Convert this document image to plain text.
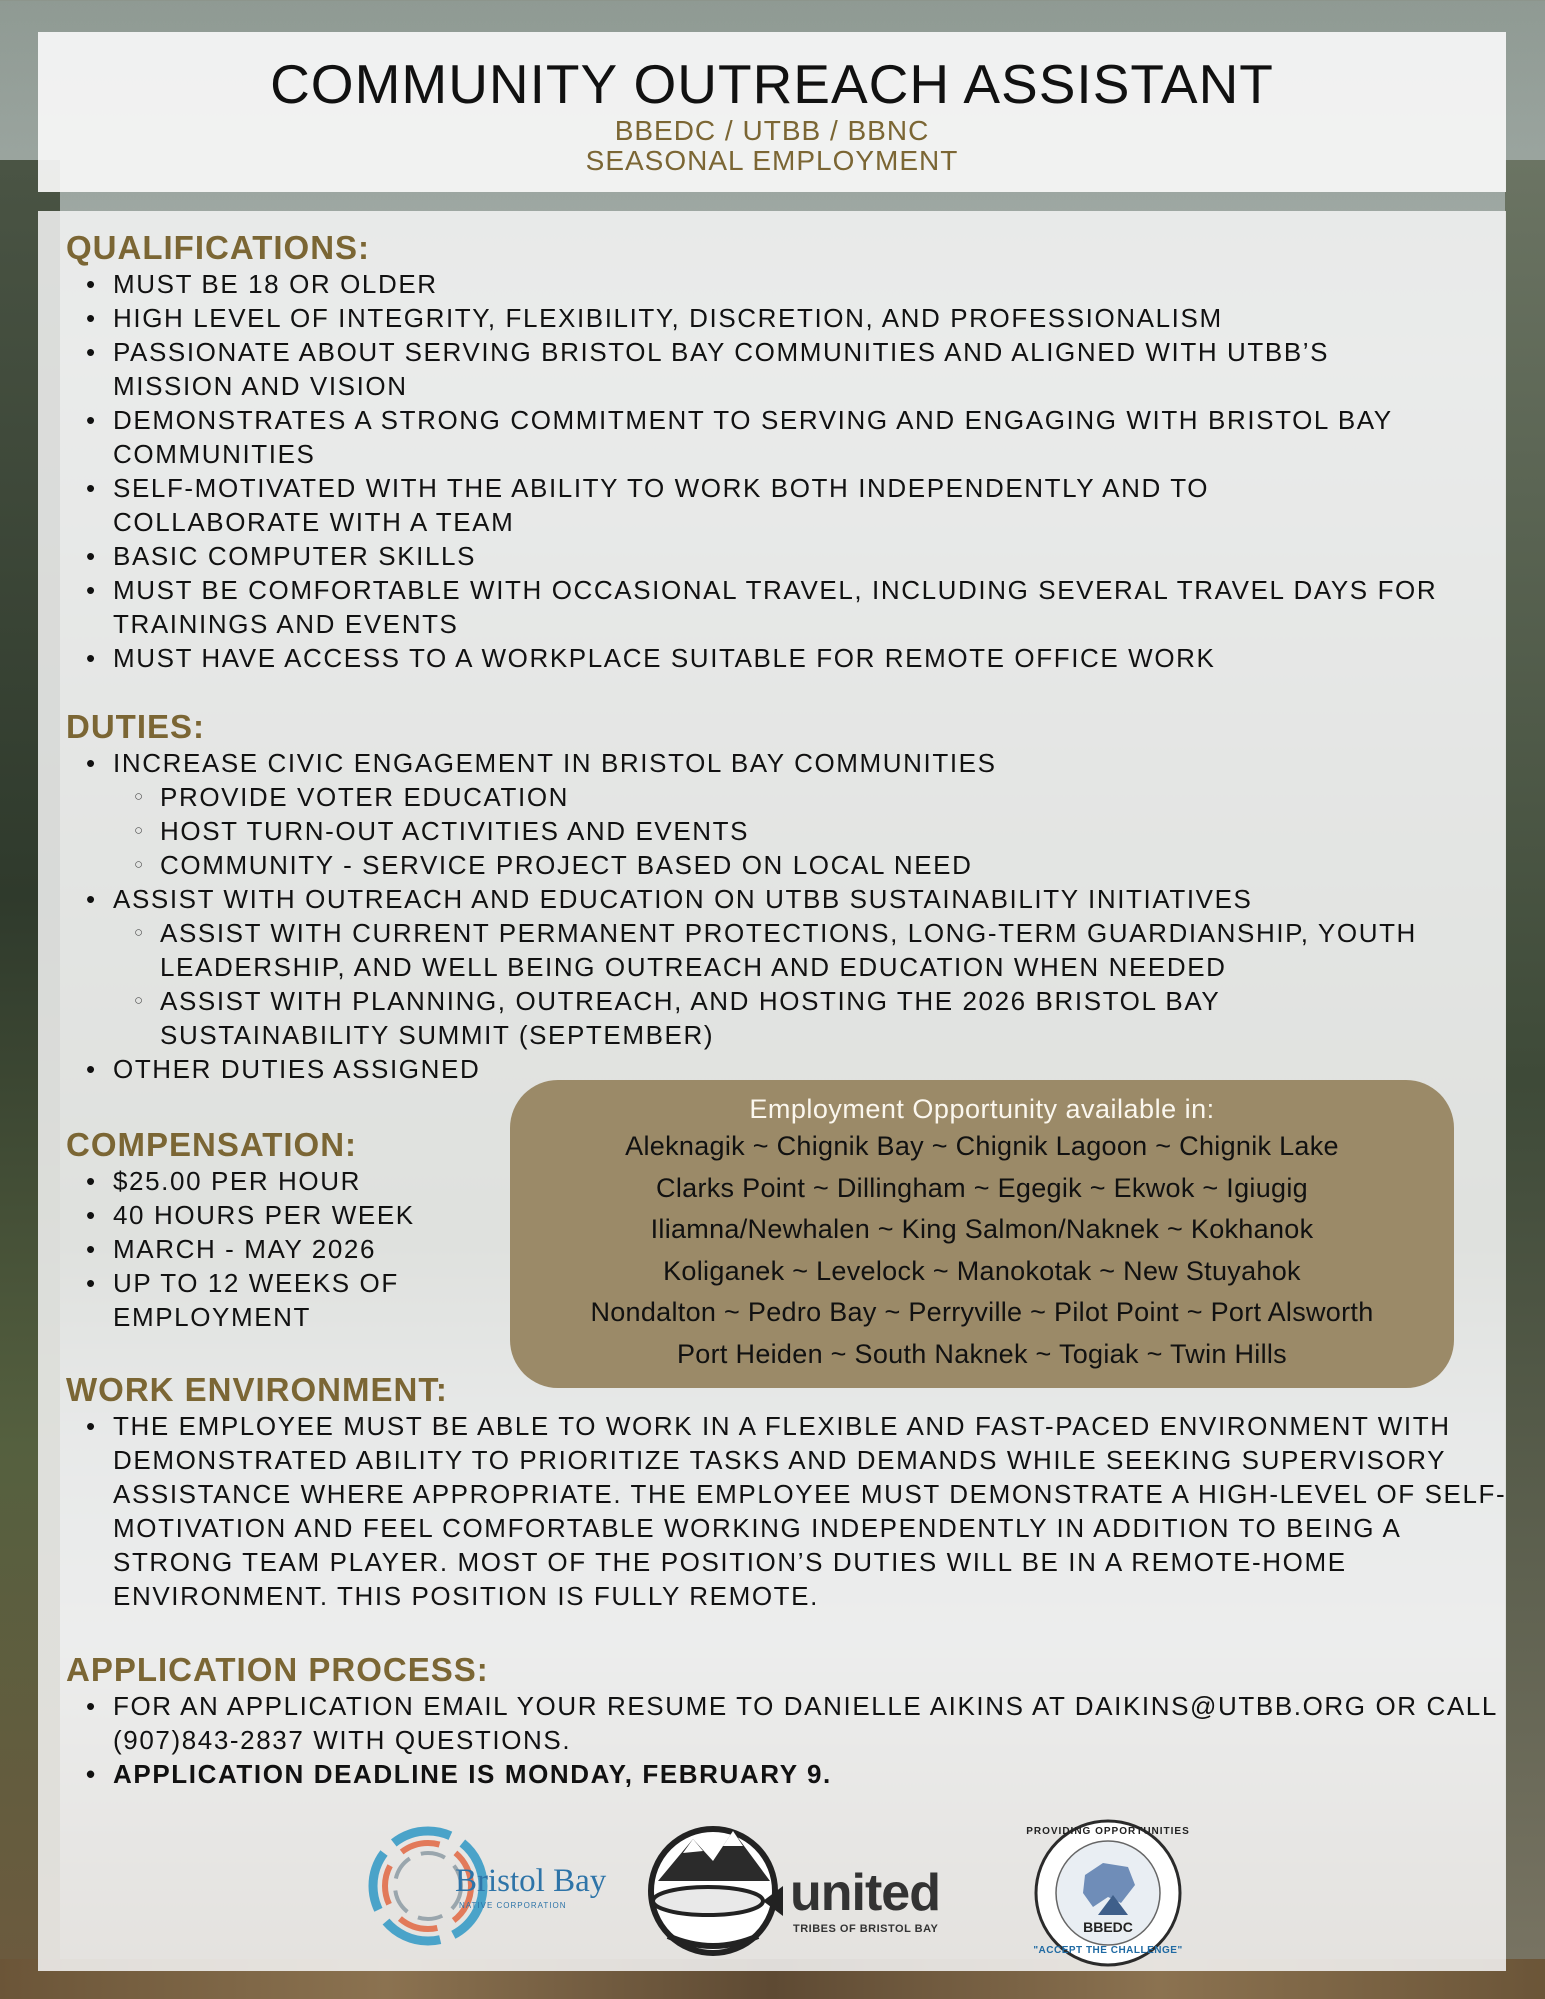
COMMUNITY OUTREACH ASSISTANT
BBEDC / UTBB / BBNC
SEASONAL EMPLOYMENT
QUALIFICATIONS:
• MUST BE 18 OR OLDER
• HIGH LEVEL OF INTEGRITY, FLEXIBILITY, DISCRETION, AND PROFESSIONALISM
• PASSIONATE ABOUT SERVING BRISTOL BAY COMMUNITIES AND ALIGNED WITH UTBB’S MISSION AND VISION
• DEMONSTRATES A STRONG COMMITMENT TO SERVING AND ENGAGING WITH BRISTOL BAY COMMUNITIES
• SELF-MOTIVATED WITH THE ABILITY TO WORK BOTH INDEPENDENTLY AND TO COLLABORATE WITH A TEAM
• BASIC COMPUTER SKILLS
• MUST BE COMFORTABLE WITH OCCASIONAL TRAVEL, INCLUDING SEVERAL TRAVEL DAYS FOR TRAININGS AND EVENTS
• MUST HAVE ACCESS TO A WORKPLACE SUITABLE FOR REMOTE OFFICE WORK
DUTIES:
• INCREASE CIVIC ENGAGEMENT IN BRISTOL BAY COMMUNITIES
○ PROVIDE VOTER EDUCATION
○ HOST TURN-OUT ACTIVITIES AND EVENTS
○ COMMUNITY - SERVICE PROJECT BASED ON LOCAL NEED
• ASSIST WITH OUTREACH AND EDUCATION ON UTBB SUSTAINABILITY INITIATIVES
○ ASSIST WITH CURRENT PERMANENT PROTECTIONS, LONG-TERM GUARDIANSHIP, YOUTH LEADERSHIP, AND WELL BEING OUTREACH AND EDUCATION WHEN NEEDED
○ ASSIST WITH PLANNING, OUTREACH, AND HOSTING THE 2026 BRISTOL BAY SUSTAINABILITY SUMMIT (SEPTEMBER)
• OTHER DUTIES ASSIGNED
COMPENSATION:
• $25.00 PER HOUR
• 40 HOURS PER WEEK
• MARCH - MAY 2026
• UP TO 12 WEEKS OF EMPLOYMENT
Employment Opportunity available in:
Aleknagik ~ Chignik Bay ~ Chignik Lagoon ~ Chignik Lake
Clarks Point ~ Dillingham ~ Egegik ~ Ekwok ~ Igiugig
Iliamna/Newhalen ~ King Salmon/Naknek ~ Kokhanok
Koliganek ~ Levelock ~ Manokotak ~ New Stuyahok
Nondalton ~ Pedro Bay ~ Perryville ~ Pilot Point ~ Port Alsworth
Port Heiden ~ South Naknek ~ Togiak ~ Twin Hills
WORK ENVIRONMENT:
• THE EMPLOYEE MUST BE ABLE TO WORK IN A FLEXIBLE AND FAST-PACED ENVIRONMENT WITH DEMONSTRATED ABILITY TO PRIORITIZE TASKS AND DEMANDS WHILE SEEKING SUPERVISORY ASSISTANCE WHERE APPROPRIATE. THE EMPLOYEE MUST DEMONSTRATE A HIGH-LEVEL OF SELF-MOTIVATION AND FEEL COMFORTABLE WORKING INDEPENDENTLY IN ADDITION TO BEING A STRONG TEAM PLAYER. MOST OF THE POSITION’S DUTIES WILL BE IN A REMOTE-HOME ENVIRONMENT. THIS POSITION IS FULLY REMOTE.
APPLICATION PROCESS:
• FOR AN APPLICATION EMAIL YOUR RESUME TO DANIELLE AIKINS AT DAIKINS@UTBB.ORG OR CALL (907)843-2837 WITH QUESTIONS.
• APPLICATION DEADLINE IS MONDAY, FEBRUARY 9.
Bristol Bay
NATIVE CORPORATION	united
TRIBES OF BRISTOL BAY
PROVIDING OPPORTUNITIES
BBEDC
"ACCEPT THE CHALLENGE"
